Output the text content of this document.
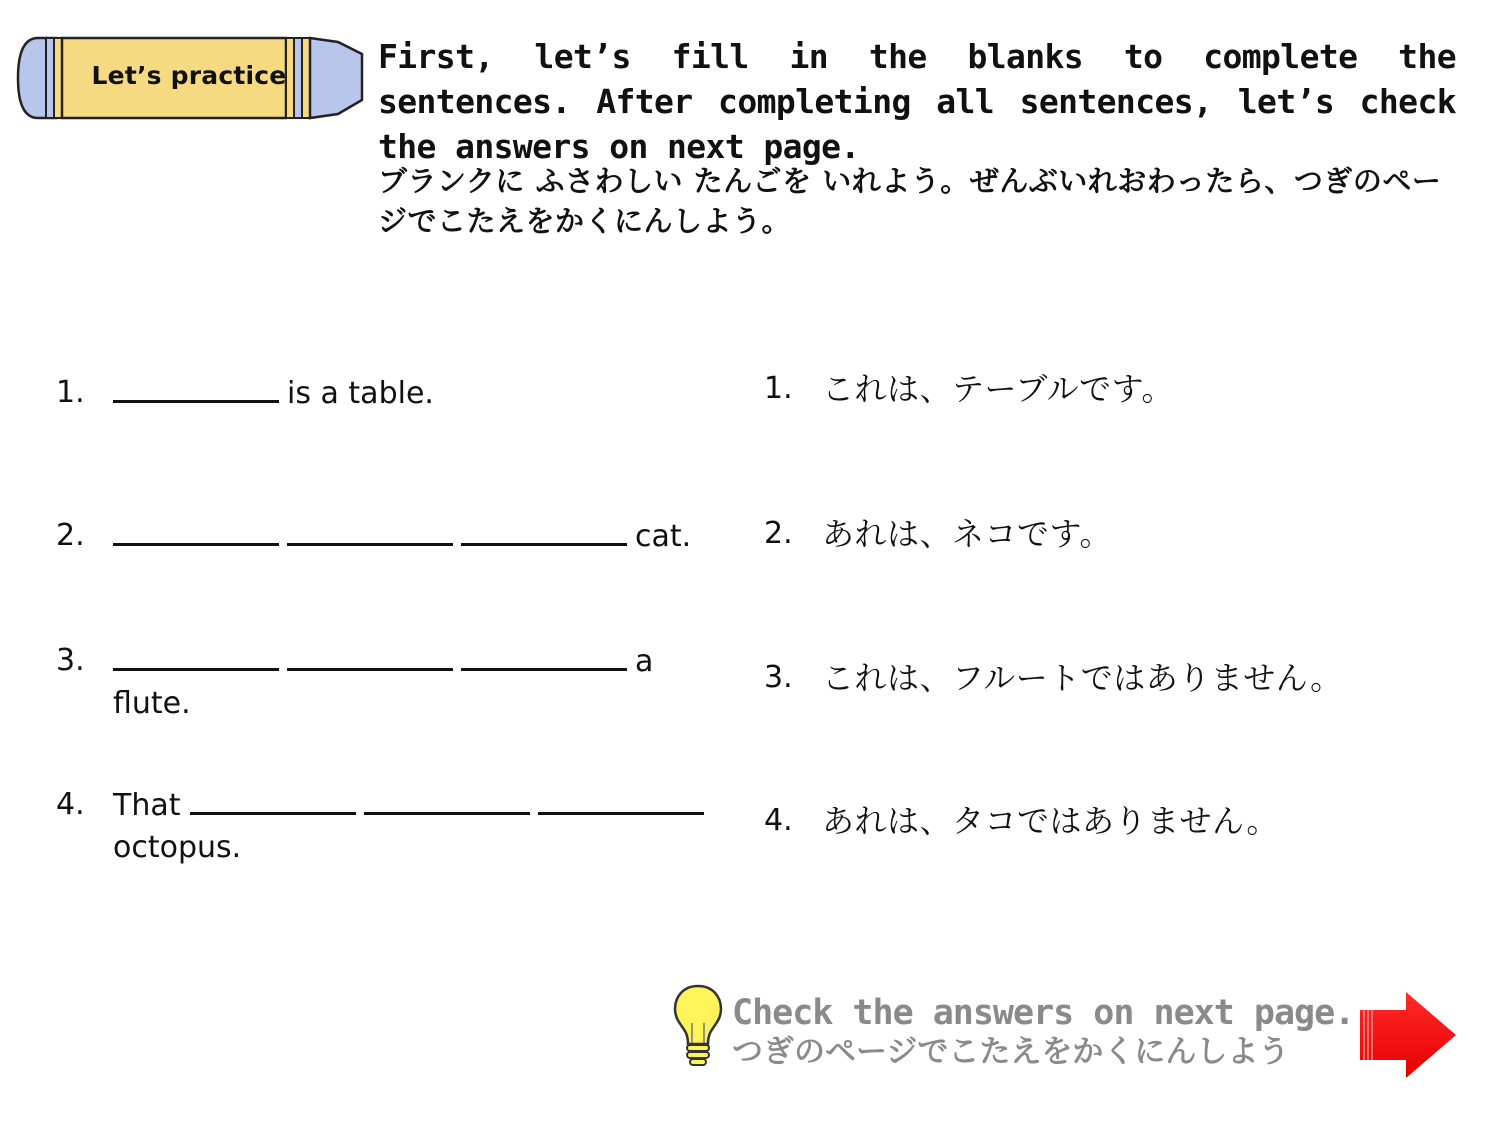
Let’s practice	First, let’s fill in the blanks to complete the sentences. After completing all sentences, let’s check the answers on next page.

ブランクに ふさわしい たんごを いれよう。ぜんぶいれおわったら、つぎのページでこたえをかくにんしよう。

1.	is a table.
2.	cat.
3.	a
flute.
4. That
octopus.
1. これは、テーブルです。
2. あれは、ネコです。
3. これは、フルートではありません。
4. あれは、タコではありません。
Check the answers on next page.
つぎのページでこたえをかくにんしよう
